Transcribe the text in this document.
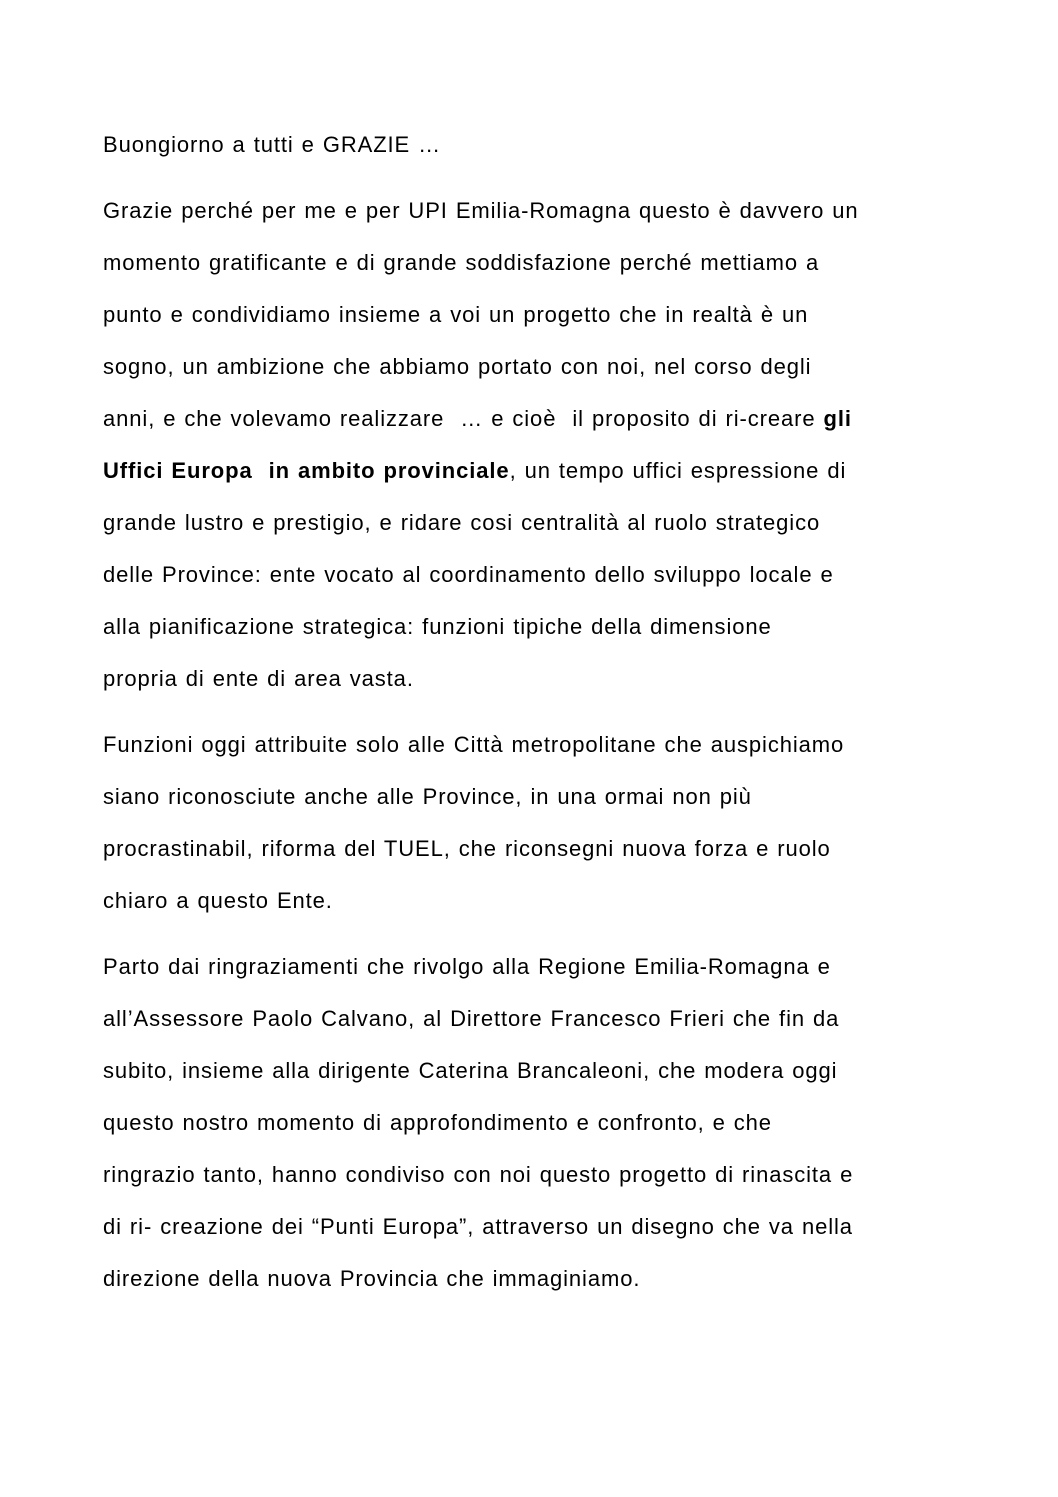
Buongiorno a tutti e GRAZIE …

Grazie perché per me e per UPI Emilia-Romagna questo è davvero un
momento gratificante e di grande soddisfazione perché mettiamo a
punto e condividiamo insieme a voi un progetto che in realtà è un
sogno, un ambizione che abbiamo portato con noi, nel corso degli
anni, e che volevamo realizzare  … e cioè  il proposito di ri-creare gli
Uffici Europa  in ambito provinciale, un tempo uffici espressione di
grande lustro e prestigio, e ridare cosi centralità al ruolo strategico
delle Province: ente vocato al coordinamento dello sviluppo locale e
alla pianificazione strategica: funzioni tipiche della dimensione
propria di ente di area vasta.

Funzioni oggi attribuite solo alle Città metropolitane che auspichiamo
siano riconosciute anche alle Province, in una ormai non più
procrastinabil, riforma del TUEL, che riconsegni nuova forza e ruolo
chiaro a questo Ente.

Parto dai ringraziamenti che rivolgo alla Regione Emilia-Romagna e
all’Assessore Paolo Calvano, al Direttore Francesco Frieri che fin da
subito, insieme alla dirigente Caterina Brancaleoni, che modera oggi
questo nostro momento di approfondimento e confronto, e che
ringrazio tanto, hanno condiviso con noi questo progetto di rinascita e
di ri- creazione dei “Punti Europa”, attraverso un disegno che va nella
direzione della nuova Provincia che immaginiamo.
